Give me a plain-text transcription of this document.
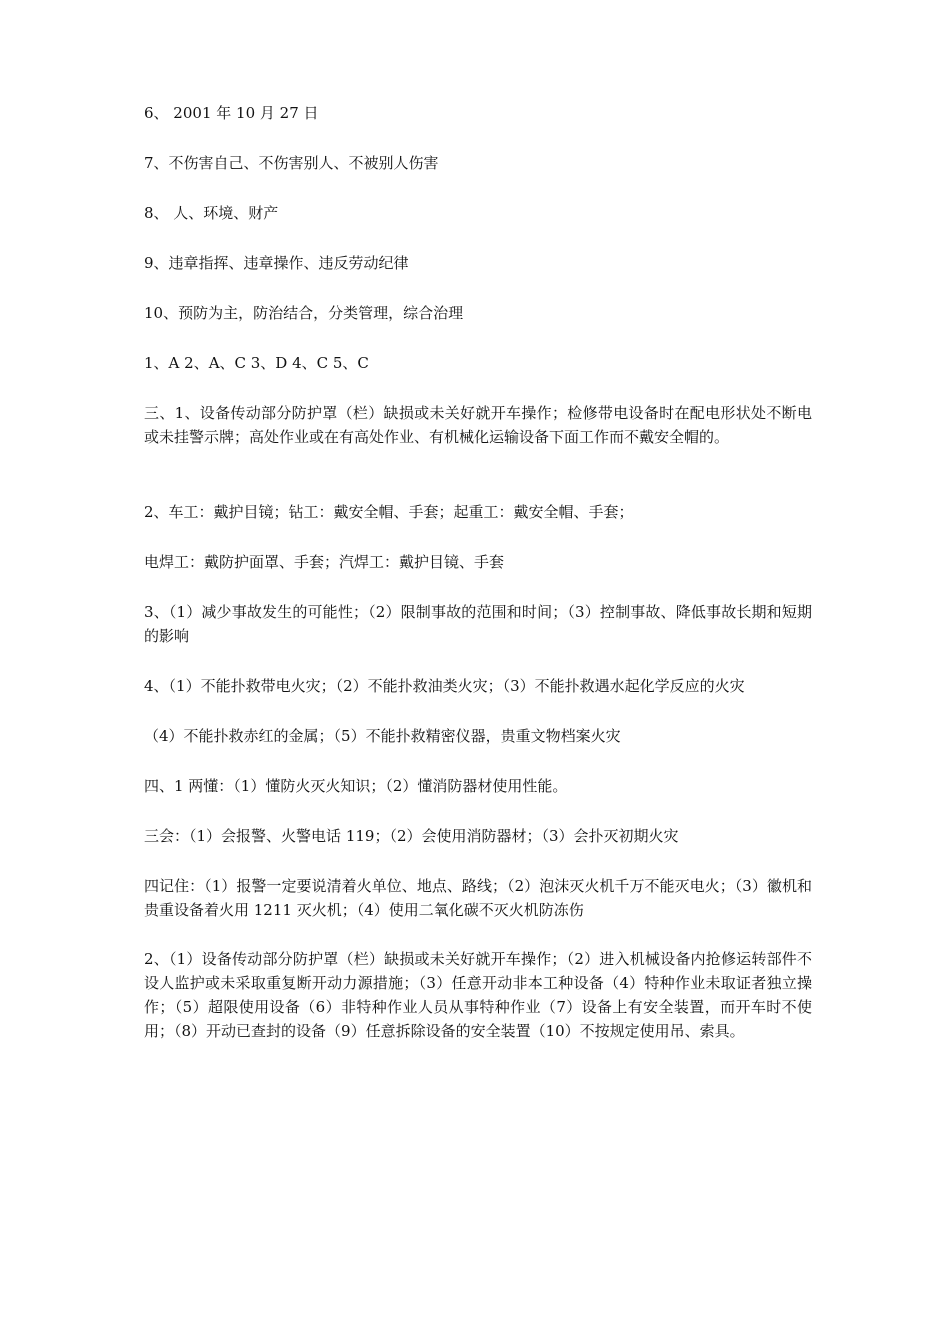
6、 2001 年 10 月 27 日

7、不伤害自己、不伤害别人、不被别人伤害

8、 人、环境、财产

9、违章指挥、违章操作、违反劳动纪律

10、预防为主，防治结合，分类管理，综合治理

1、A 2、A、C 3、D 4、C 5、C

三、1、设备传动部分防护罩（栏）缺损或未关好就开车操作；检修带电设备时在配电形状处不断电或未挂警示牌；高处作业或在有高处作业、有机械化运输设备下面工作而不戴安全帽的。

2、车工：戴护目镜；钻工：戴安全帽、手套；起重工：戴安全帽、手套；

电焊工：戴防护面罩、手套；汽焊工：戴护目镜、手套

3、（1）减少事故发生的可能性；（2）限制事故的范围和时间；（3）控制事故、降低事故长期和短期的影响

4、（1）不能扑救带电火灾；（2）不能扑救油类火灾；（3）不能扑救遇水起化学反应的火灾

（4）不能扑救赤红的金属；（5）不能扑救精密仪器，贵重文物档案火灾

四、1 两懂：（1）懂防火灭火知识；（2）懂消防器材使用性能。

三会：（1）会报警、火警电话 119；（2）会使用消防器材；（3）会扑灭初期火灾

四记住：（1）报警一定要说清着火单位、地点、路线；（2）泡沫灭火机千万不能灭电火；（3）徽机和贵重设备着火用 1211 灭火机；（4）使用二氧化碳不灭火机防冻伤

2、（1）设备传动部分防护罩（栏）缺损或未关好就开车操作；（2）进入机械设备内抢修运转部件不设人监护或未采取重复断开动力源措施；（3）任意开动非本工种设备（4）特种作业未取证者独立操作；（5）超限使用设备（6）非特种作业人员从事特种作业（7）设备上有安全装置，而开车时不使用；（8）开动已查封的设备（9）任意拆除设备的安全装置（10）不按规定使用吊、索具。
